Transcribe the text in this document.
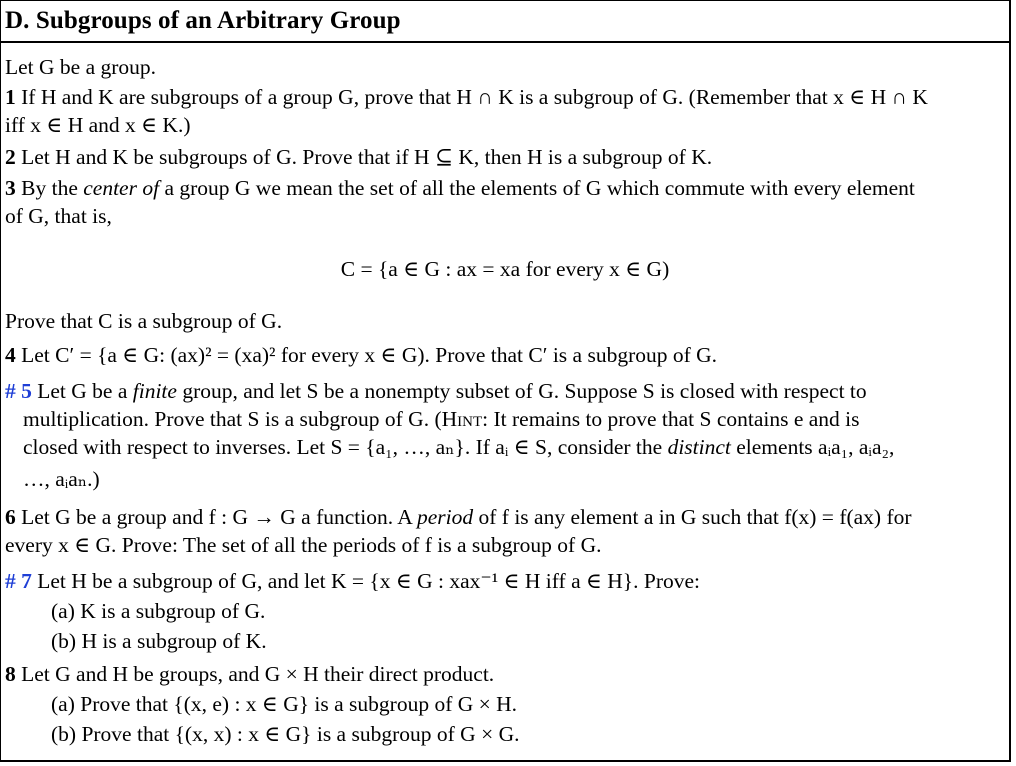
D. Subgroups of an Arbitrary Group
Let G be a group.
1 If H and K are subgroups of a group G, prove that H ∩ K is a subgroup of G. (Remember that x ∈ H ∩ K
iff x ∈ H and x ∈ K.)
2 Let H and K be subgroups of G. Prove that if H ⊆ K, then H is a subgroup of K.
3 By the center of a group G we mean the set of all the elements of G which commute with every element
of G, that is,
C = {a ∈ G : ax = xa for every x ∈ G)
Prove that C is a subgroup of G.
4 Let C′ = {a ∈ G: (ax)² = (xa)² for every x ∈ G). Prove that C′ is a subgroup of G.
# 5 Let G be a finite group, and let S be a nonempty subset of G. Suppose S is closed with respect to
multiplication. Prove that S is a subgroup of G. (Hint: It remains to prove that S contains e and is
closed with respect to inverses. Let S = {a₁, …, aₙ}. If aᵢ ∈ S, consider the distinct elements aᵢa₁, aᵢa₂,
…, aᵢaₙ.)
6 Let G be a group and f : G → G a function. A period of f is any element a in G such that f(x) = f(ax) for
every x ∈ G. Prove: The set of all the periods of f is a subgroup of G.
# 7 Let H be a subgroup of G, and let K = {x ∈ G : xax⁻¹ ∈ H iff a ∈ H}. Prove:
(a) K is a subgroup of G.
(b) H is a subgroup of K.
8 Let G and H be groups, and G × H their direct product.
(a) Prove that {(x, e) : x ∈ G} is a subgroup of G × H.
(b) Prove that {(x, x) : x ∈ G} is a subgroup of G × G.
